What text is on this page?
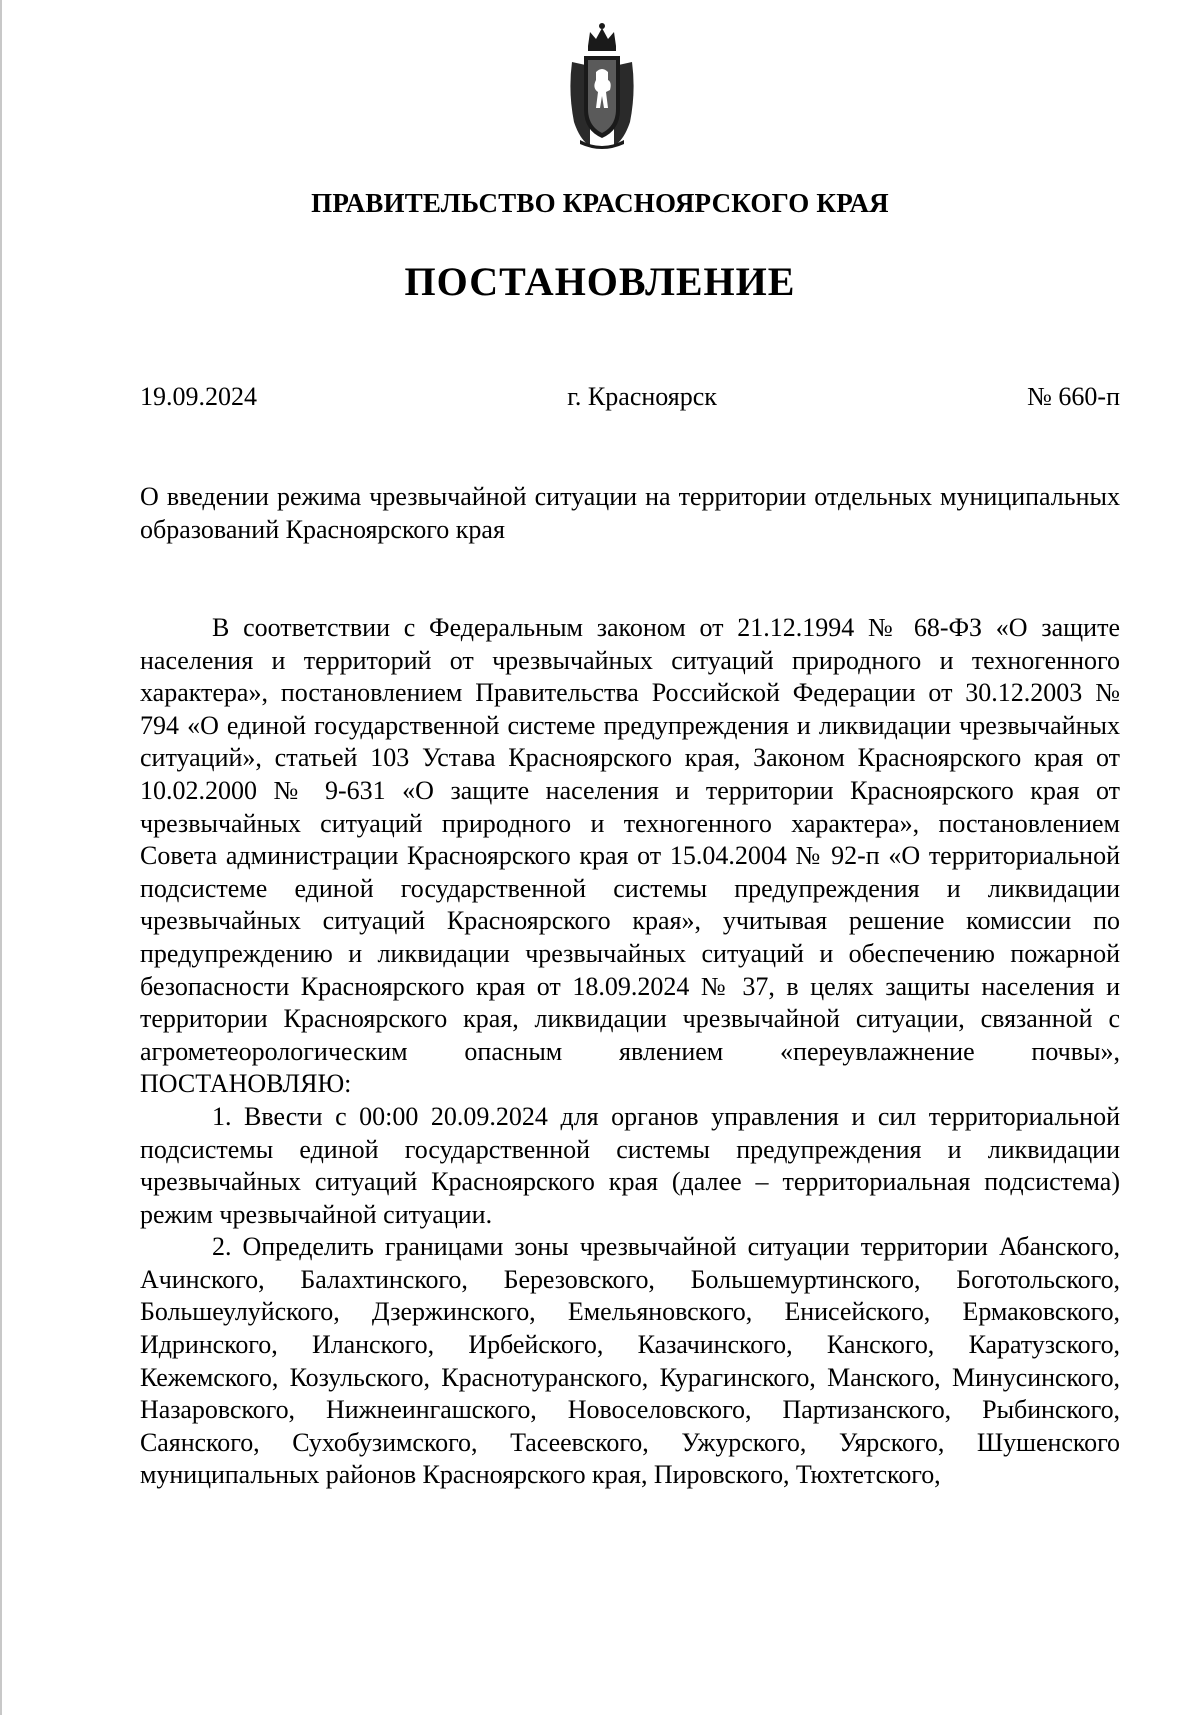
ПРАВИТЕЛЬСТВО КРАСНОЯРСКОГО КРАЯ
ПОСТАНОВЛЕНИЕ
19.09.2024	г. Красноярск	№ 660-п
О введении режима чрезвычайной ситуации на территории отдельных муниципальных образований Красноярского края

В соответствии с Федеральным законом от 21.12.1994 № 68-ФЗ «О защите населения и территорий от чрезвычайных ситуаций природного и техногенного характера», постановлением Правительства Российской Федерации от 30.12.2003 № 794 «О единой государственной системе предупреждения и ликвидации чрезвычайных ситуаций», статьей 103 Устава Красноярского края, Законом Красноярского края от 10.02.2000 № 9-631 «О защите населения и территории Красноярского края от чрезвычайных ситуаций природного и техногенного характера», постановлением Совета администрации Красноярского края от 15.04.2004 № 92-п «О территориальной подсистеме единой государственной системы предупреждения и ликвидации чрезвычайных ситуаций Красноярского края», учитывая решение комиссии по предупреждению и ликвидации чрезвычайных ситуаций и обеспечению пожарной безопасности Красноярского края от 18.09.2024 № 37, в целях защиты населения и территории Красноярского края, ликвидации чрезвычайной ситуации, связанной с агрометеорологическим опасным явлением «переувлажнение почвы», ПОСТАНОВЛЯЮ:

1. Ввести с 00:00 20.09.2024 для органов управления и сил территориальной подсистемы единой государственной системы предупреждения и ликвидации чрезвычайных ситуаций Красноярского края (далее – территориальная подсистема) режим чрезвычайной ситуации.

2. Определить границами зоны чрезвычайной ситуации территории Абанского, Ачинского, Балахтинского, Березовского, Большемуртинского, Боготольского, Большеулуйского, Дзержинского, Емельяновского, Енисейского, Ермаковского, Идринского, Иланского, Ирбейского, Казачинского, Канского, Каратузского, Кежемского, Козульского, Краснотуранского, Курагинского, Манского, Минусинского, Назаровского, Нижнеингашского, Новоселовского, Партизанского, Рыбинского, Саянского, Сухобузимского, Тасеевского, Ужурского, Уярского, Шушенского муниципальных районов Красноярского края, Пировского, Тюхтетского,
